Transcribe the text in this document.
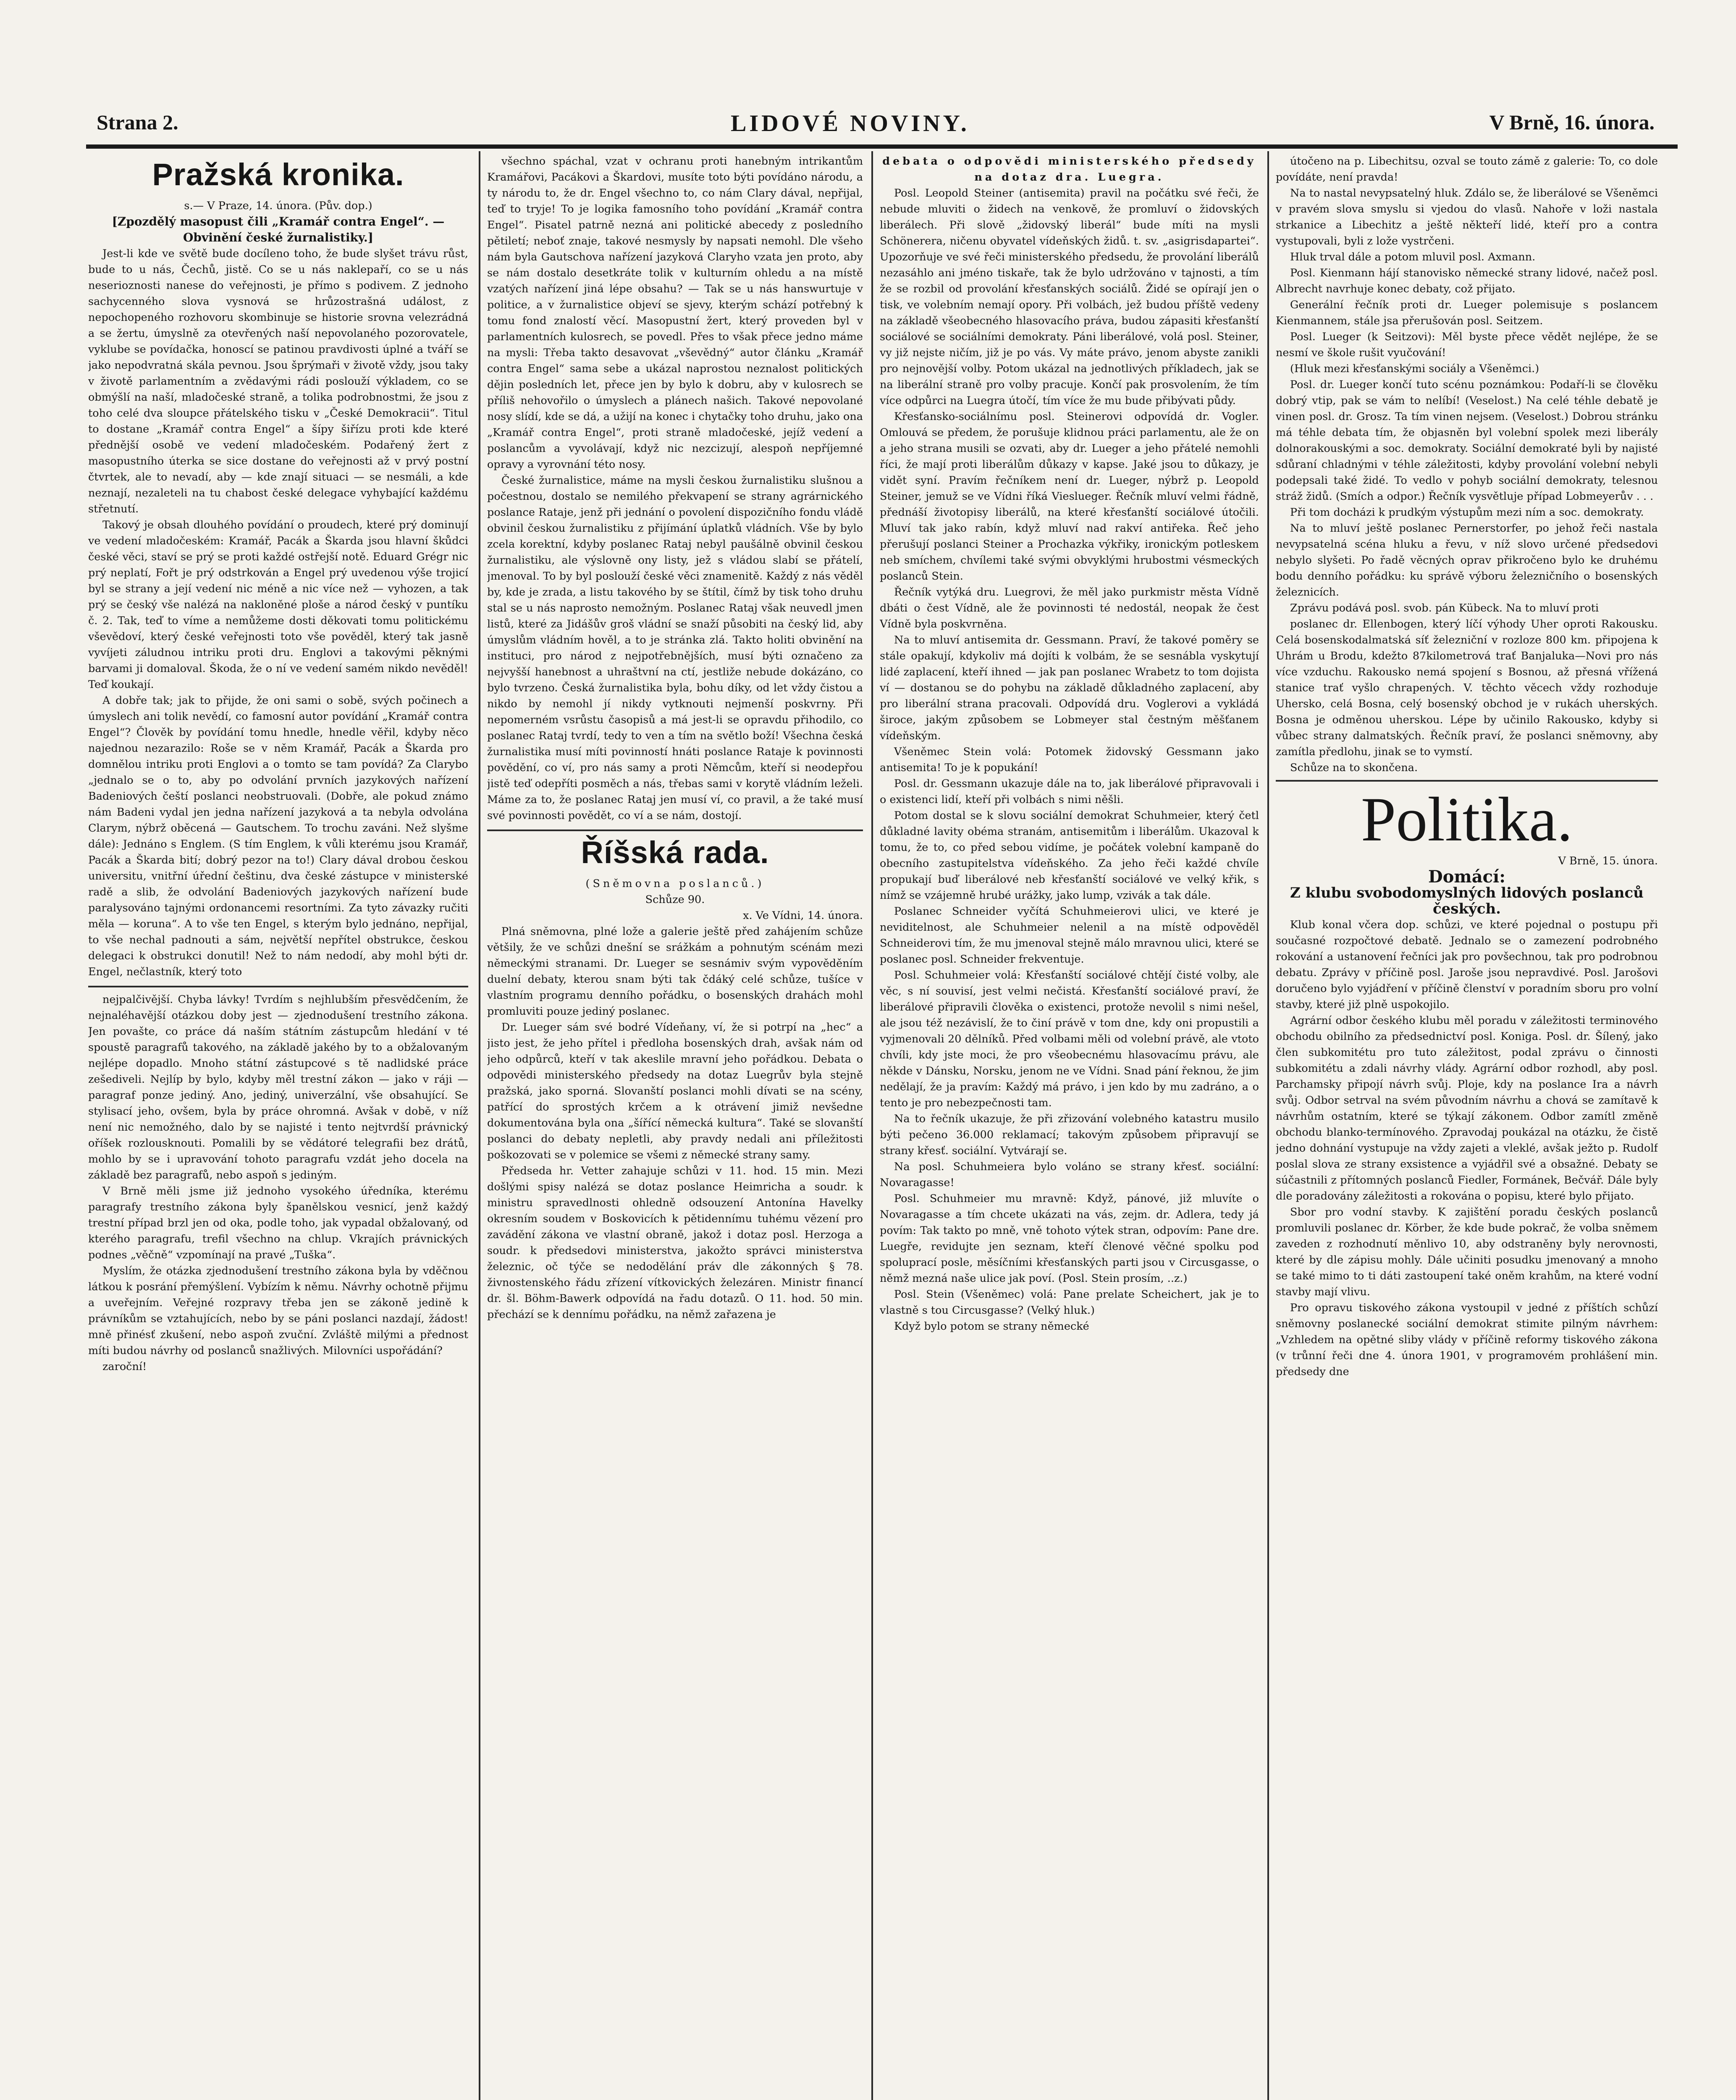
Strana 2.	LIDOVÉ NOVINY.	V Brně, 16. února.
Pražská kronika.

s.— V Praze, 14. února. (Pův. dop.)

[Zpozdělý masopust čili „Kramář contra Engel“. — Obvinění české žurnalistiky.]

Jest-li kde ve světě bude docíleno toho, že bude slyšet trávu růst, bude to u nás, Čechů, jistě. Co se u nás naklepaří, co se u nás neserioznosti nanese do veřejnosti, je přímo s podivem. Z jednoho sachycenného slova vysnová se hrůzostrašná událost, z nepochopeného rozhovoru skombinuje se historie srovna velezrádná a se žertu, úmyslně za otevřených naší nepovolaného pozorovatele, vyklube se povídačka, honoscí se patinou pravdivosti úplné a tváří se jako nepodvratná skála pevnou. Jsou šprýmaři v životě vždy, jsou taky v životě parlamentním a zvědavými rádi poslouží výkladem, co se obmýšlí na naší, mladočeské straně, a tolika podrobnostmi, že jsou z toho celé dva sloupce přátelského tisku v „České Demokracii“. Titul to dostane „Kramář contra Engel“ a šípy šiřízu proti kde které přednější osobě ve vedení mladočeském. Podařený žert z masopustního úterka se sice dostane do veřejnosti až v prvý postní čtvrtek, ale to nevadí, aby — kde znají situaci — se nesmáli, a kde neznají, nezaleteli na tu chabost české delegace vyhybající každému střetnutí.

Takový je obsah dlouhého povídání o proudech, které prý dominují ve vedení mladočeském: Kramář, Pacák a Škarda jsou hlavní škůdci české věci, staví se prý se proti každé ostřejší notě. Eduard Grégr nic prý neplatí, Fořt je prý odstrkován a Engel prý uvedenou výše trojicí byl se strany a její vedení nic méně a nic více než — vyhozen, a tak prý se český vše nalézá na nakloněné ploše a národ český v puntíku č. 2. Tak, teď to víme a nemůžeme dosti děkovati tomu politickému vševědoví, který české veřejnosti toto vše pověděl, který tak jasně vyvíjeti záludnou intriku proti dru. Englovi a takovými pěknými barvami ji domaloval. Škoda, že o ní ve vedení samém nikdo nevěděl! Teď koukají.

A dobře tak; jak to přijde, že oni sami o sobě, svých počinech a úmyslech ani tolik nevědí, co famosní autor povídání „Kramář contra Engel“? Člověk by povídání tomu hnedle, hnedle věřil, kdyby něco najednou nezarazilo: Roše se v něm Kramář, Pacák a Škarda pro domnělou intriku proti Englovi a o tomto se tam povídá? Za Clarybo „jednalo se o to, aby po odvolání prvních jazykových nařízení Badeniových čeští poslanci neobstruovali. (Dobře, ale pokud známo nám Badeni vydal jen jedna nařízení jazyková a ta nebyla odvolána Clarym, nýbrž oběcená — Gautschem. To trochu zaváni. Než slyšme dále): Jednáno s Englem. (S tím Englem, k vůli kterému jsou Kramář, Pacák a Škarda bití; dobrý pezor na to!) Clary dával drobou českou universitu, vnitřní úřední češtinu, dva české zástupce v ministerské radě a slib, že odvolání Badeniových jazykových nařízení bude paralysováno tajnými ordonancemi resortními. Za tyto závazky ručiti měla — koruna“. A to vše ten Engel, s kterým bylo jednáno, nepřijal, to vše nechal padnouti a sám, největší nepřítel obstrukce, českou delegaci k obstrukci donutil! Než to nám nedodí, aby mohl býti dr. Engel, nečlastník, který toto

nejpalčivější. Chyba lávky! Tvrdím s nejhlubším přesvědčením, že nejnaléhavější otázkou doby jest — zjednodušení trestního zákona. Jen povašte, co práce dá naším státním zástupcům hledání v té spoustě paragrafů takového, na základě jakého by to a obžalovaným nejlépe dopadlo. Mnoho státní zástupcové s tě nadlidské práce zešediveli. Nejlíp by bylo, kdyby měl trestní zákon — jako v ráji — paragraf ponze jediný. Ano, jediný, univerzální, vše obsahující. Se stylisací jeho, ovšem, byla by práce ohromná. Avšak v době, v níž není nic nemožného, dalo by se najisté i tento nejtvrdší právnický oříšek rozlousknouti. Pomalili by se vědátoré telegrafii bez drátů, mohlo by se i upravování tohoto paragrafu vzdát jeho docela na základě bez paragrafů, nebo aspoň s jediným.

V Brně měli jsme již jednoho vysokého úředníka, kterému paragrafy trestního zákona byly španělskou vesnicí, jenž každý trestní případ brzl jen od oka, podle toho, jak vypadal obžalovaný, od kterého paragrafu, trefil všechno na chlup. Vkrajích právnických podnes „věčně“ vzpomínají na pravé „Tuška“.

Myslím, že otázka zjednodušení trestního zákona byla by vděčnou látkou k posrání přemýšlení. Vybízím k němu. Návrhy ochotně přijmu a uveřejním. Veřejné rozpravy třeba jen se zákoně jedině k právníkům se vztahujících, nebo by se páni poslanci nazdají, žádost! mně přinésť zkušení, nebo aspoň zvuční. Zvláště milými a přednost míti budou návrhy od poslanců snažlivých. Milovníci uspořádání?

zaroční!

všechno spáchal, vzat v ochranu proti hanebným intrikantům Kramářovi, Pacákovi a Škardovi, musíte toto býti povídáno národu, a ty národu to, že dr. Engel všechno to, co nám Clary dával, nepřijal, teď to tryje! To je logika famosního toho povídání „Kramář contra Engel“. Pisatel patrně nezná ani politické abecedy z posledního pětiletí; neboť znaje, takové nesmysly by napsati nemohl. Dle všeho nám byla Gautschova nařízení jazyková Claryho vzata jen proto, aby se nám dostalo desetkráte tolik v kulturním ohledu a na místě vzatých nařízení jiná lépe obsahu? — Tak se u nás hanswurtuje v politice, a v žurnalistice objeví se sjevy, kterým schází potřebný k tomu fond znalostí věcí. Masopustní žert, který proveden byl v parlamentních kulosrech, se povedl. Přes to však přece jedno máme na mysli: Třeba takto desavovat „vševědný“ autor článku „Kramář contra Engel“ sama sebe a ukázal naprostou neznalost politických dějin posledních let, přece jen by bylo k dobru, aby v kulosrech se příliš nehovořilo o úmyslech a plánech našich. Takové nepovolané nosy slídí, kde se dá, a užijí na konec i chytačky toho druhu, jako ona „Kramář contra Engel“, proti straně mladočeské, jejíž vedení a poslancům a vyvolávají, když nic nezcizují, alespoň nepříjemné opravy a vyrovnání této nosy.

České žurnalistice, máme na mysli českou žurnalistiku slušnou a počestnou, dostalo se nemilého překvapení se strany agrárnického poslance Rataje, jenž při jednání o povolení dispozičního fondu vládě obvinil českou žurnalistiku z přijímání úplatků vládních. Vše by bylo zcela korektní, kdyby poslanec Rataj nebyl paušálně obvinil českou žurnalistiku, ale výslovně ony listy, jež s vládou slabí se přátelí, jmenoval. To by byl poslouží české věci znamenitě. Každý z nás věděl by, kde je zrada, a listu takového by se štítil, čímž by tisk toho druhu stal se u nás naprosto nemožným. Poslanec Rataj však neuvedl jmen listů, které za Jidášův groš vládní se snaží působiti na český lid, aby úmyslům vládním hověl, a to je stránka zlá. Takto holiti obvinění na instituci, pro národ z nejpotřebnějších, musí býti označeno za nejvyšší hanebnost a uhraštvní na ctí, jestliže nebude dokázáno, co bylo tvrzeno. Česká žurnalistika byla, bohu díky, od let vždy čistou a nikdo by nemohl jí nikdy vytknouti nejmenší poskvrny. Při nepomerném vsrůstu časopisů a má jest-li se opravdu přihodilo, co poslanec Rataj tvrdí, tedy to ven a tím na světlo boží! Všechna česká žurnalistika musí míti povinností hnáti poslance Rataje k povinnosti povědění, co ví, pro nás samy a proti Němcům, kteří si neodepřou jistě teď odepříti posměch a nás, třebas sami v korytě vládním leželi. Máme za to, že poslanec Rataj jen musí ví, co pravil, a že také musí své povinnosti povědět, co ví a se nám, dostojí.

Říšská rada.

(Sněmovna poslanců.)

Schůze 90.

x. Ve Vídni, 14. února.

Plná sněmovna, plné lože a galerie ještě před zahájením schůze většily, že ve schůzi dnešní se srážkám a pohnutým scénám mezi německými stranami. Dr. Lueger se sesnámiv svým vypověděním duelní debaty, kterou snam býti tak čdáký celé schůze, tušíce v vlastním programu denního pořádku, o bosenských drahách mohl promluviti pouze jediný poslanec.

Dr. Lueger sám své bodré Vídeňany, ví, že si potrpí na „hec“ a jisto jest, že jeho přítel i předloha bosenských drah, avšak nám od jeho odpůrců, kteří v tak akeslile mravní jeho pořádkou. Debata o odpovědi ministerského předsedy na dotaz Luegrův byla stejně pražská, jako sporná. Slovanští poslanci mohli dívati se na scény, patřící do sprostých krčem a k otrávení jimiž nevšedne dokumentována byla ona „šířící německá kultura“. Také se slovanští poslanci do debaty nepletli, aby pravdy nedali ani příležitosti poškozovati se v polemice se všemi z německé strany samy.

Předseda hr. Vetter zahajuje schůzi v 11. hod. 15 min. Mezi došlými spisy nalézá se dotaz poslance Heimricha a soudr. k ministru spravedlnosti ohledně odsouzení Antonína Havelky okresním soudem v Boskovicích k pětidennímu tuhému vězení pro zavádění zákona ve vlastní obraně, jakož i dotaz posl. Herzoga a soudr. k předsedovi ministerstva, jakožto správci ministerstva železnic, oč týče se nedodělání práv dle zákonných § 78. živnostenského řádu zřízení vítkovických železáren. Ministr financí dr. šl. Böhm-Bawerk odpovídá na řadu dotazů. O 11. hod. 50 min. přechází se k dennímu pořádku, na němž zařazena je

debata o odpovědi ministerského předsedy na dotaz dra. Luegra.

Posl. Leopold Steiner (antisemita) pravil na počátku své řeči, že nebude mluviti o židech na venkově, že promluví o židovských liberálech. Při slově „židovský liberál“ bude míti na mysli Schönerera, ničenu obyvatel vídeňských židů. t. sv. „asigrisdapartei“. Upozorňuje ve své řeči ministerského předsedu, že provolání liberálů nezasáhlo ani jméno tiskaře, tak že bylo udržováno v tajnosti, a tím že se rozbil od provolání křesťanských sociálů. Židé se opírají jen o tisk, ve volebním nemají opory. Při volbách, jež budou příště vedeny na základě všeobecného hlasovacího práva, budou zápasiti křesťanští sociálové se sociálními demokraty. Páni liberálové, volá posl. Steiner, vy již nejste ničím, již je po vás. Vy máte právo, jenom abyste zanikli pro nejnovější volby. Potom ukázal na jednotlivých příkladech, jak se na liberální straně pro volby pracuje. Končí pak prosvolením, že tím více odpůrci na Luegra útočí, tím více že mu bude přibývati půdy.

Křesťansko-sociálnímu posl. Steinerovi odpovídá dr. Vogler. Omlouvá se předem, že porušuje klidnou práci parlamentu, ale že on a jeho strana musili se ozvati, aby dr. Lueger a jeho přátelé nemohli říci, že mají proti liberálům důkazy v kapse. Jaké jsou to důkazy, je vidět syní. Pravím řečníkem není dr. Lueger, nýbrž p. Leopold Steiner, jemuž se ve Vídni říká Vieslueger. Řečník mluví velmi řádně, přednáší životopisy liberálů, na které křesťanští sociálové útočili. Mluví tak jako rabín, když mluví nad rakví antiřeka. Řeč jeho přerušují poslanci Steiner a Prochazka výkřiky, ironickým potleskem neb smíchem, chvílemi také svými obvyklými hrubostmi vésmeckých poslanců Stein.

Řečník vytýká dru. Luegrovi, že měl jako purkmistr města Vídně dbáti o čest Vídně, ale že povinnosti té nedostál, neopak že čest Vídně byla poskvrněna.

Na to mluví antisemita dr. Gessmann. Praví, že takové poměry se stále opakují, kdykoliv má dojíti k volbám, že se sesnábla vyskytují lidé zaplacení, kteří ihned — jak pan poslanec Wrabetz to tom dojista ví — dostanou se do pohybu na základě důkladného zaplacení, aby pro liberální strana pracovali. Odpovídá dru. Voglerovi a vykládá široce, jakým způsobem se Lobmeyer stal čestným měšťanem vídeňským.

Všeněmec Stein volá: Potomek židovský Gessmann jako antisemita! To je k popukání!

Posl. dr. Gessmann ukazuje dále na to, jak liberálové připravovali i o existenci lidí, kteří při volbách s nimi něšli.

Potom dostal se k slovu sociální demokrat Schuhmeier, který četl důkladné lavity obéma stranám, antisemitům i liberálům. Ukazoval k tomu, že to, co před sebou vidíme, je počátek volební kampaně do obecního zastupitelstva vídeňského. Za jeho řeči každé chvíle propukají buď liberálové neb křesťanští sociálové ve velký křik, s nímž se vzájemně hrubé urážky, jako lump, vzivák a tak dále.

Poslanec Schneider vyčítá Schuhmeierovi ulici, ve které je neviditelnost, ale Schuhmeier nelenil a na místě odpověděl Schneiderovi tím, že mu jmenoval stejně málo mravnou ulici, které se poslanec posl. Schneider frekventuje.

Posl. Schuhmeier volá: Křesťanští sociálové chtějí čisté volby, ale věc, s ní souvisí, jest velmi nečistá. Křesťanští sociálové praví, že liberálové připravili člověka o existenci, protože nevolil s nimi nešel, ale jsou též nezávislí, že to činí právě v tom dne, kdy oni propustili a vyjmenovali 20 dělníků. Před volbami měli od volební právě, ale vtoto chvíli, kdy jste moci, že pro všeobecnému hlasovacímu právu, ale někde v Dánsku, Norsku, jenom ne ve Vídni. Snad pání řeknou, že jim nedělají, že ja pravím: Každý má právo, i jen kdo by mu zadráno, a o tento je pro nebezpečnosti tam.

Na to řečník ukazuje, že při zřizování volebného katastru musilo býti pečeno 36.000 reklamací; takovým způsobem připravují se strany křesť. sociální. Vytvárají se.

Na posl. Schuhmeiera bylo voláno se strany křesť. sociální: Novaragasse!

Posl. Schuhmeier mu mravně: Když, pánové, již mluvíte o Novaragasse a tím chcete ukázati na vás, zejm. dr. Adlera, tedy já povím: Tak takto po mně, vně tohoto výtek stran, odpovím: Pane dre. Luegře, revidujte jen seznam, kteří členové věčné spolku pod spoluprací posle, měsíčními křesťanských parti jsou v Circusgasse, o němž mezná naše ulice jak poví. (Posl. Stein prosím, ..z.)

Posl. Stein (Všeněmec) volá: Pane prelate Scheichert, jak je to vlastně s tou Circusgasse? (Velký hluk.)

Když bylo potom se strany německé

útočeno na p. Libechitsu, ozval se touto zámě z galerie: To, co dole povídáte, není pravda!

Na to nastal nevypsatelný hluk. Zdálo se, že liberálové se Všeněmci v pravém slova smyslu si vjedou do vlasů. Nahoře v loži nastala strkanice a Libechitz a ještě někteří lidé, kteří pro a contra vystupovali, byli z lože vystrčeni.

Hluk trval dále a potom mluvil posl. Axmann.

Posl. Kienmann hájí stanovisko německé strany lidové, načež posl. Albrecht navrhuje konec debaty, což přijato.

Generální řečník proti dr. Lueger polemisuje s poslancem Kienmannem, stále jsa přerušován posl. Seitzem.

Posl. Lueger (k Seitzovi): Měl byste přece vědět nejlépe, že se nesmí ve škole rušit vyučování!

(Hluk mezi křesťanskými sociály a Všeněmci.)

Posl. dr. Lueger končí tuto scénu poznámkou: Podaří-li se člověku dobrý vtip, pak se vám to nelíbí! (Veselost.) Na celé téhle debatě je vinen posl. dr. Grosz. Ta tím vinen nejsem. (Veselost.) Dobrou stránku má téhle debata tím, že objasněn byl volební spolek mezi liberály dolnorakouskými a soc. demokraty. Sociální demokraté byli by najisté sdůraní chladnými v téhle záležitosti, kdyby provolání volební nebyli podepsali také židé. To vedlo v pohyb sociální demokraty, telesnou stráž židů. (Smích a odpor.) Řečník vysvětluje případ Lobmeyerův . . .

Při tom docházi k prudkým výstupům mezi ním a soc. demokraty.

Na to mluví ještě poslanec Pernerstorfer, po jehož řeči nastala nevypsatelná scéna hluku a řevu, v níž slovo určené předsedovi nebylo slyšeti. Po řadě věcných oprav přikročeno bylo ke druhému bodu denního pořádku: ku správě výboru železničního o bosenských železnicích.

Zprávu podává posl. svob. pán Kübeck. Na to mluví proti

poslanec dr. Ellenbogen, který líčí výhody Uher oproti Rakousku. Celá bosenskodalmatská síť železniční v rozloze 800 km. připojena k Uhrám u Brodu, kdežto 87kilometrová trať Banjaluka—Novi pro nás více vzduchu. Rakousko nemá spojení s Bosnou, až přesná vřížená stanice trať vyšlo chrapených. V. těchto věcech vždy rozhoduje Uhersko, celá Bosna, celý bosenský obchod je v rukách uherských. Bosna je odměnou uherskou. Lépe by učinilo Rakousko, kdyby si vůbec strany dalmatských. Řečník praví, že poslanci sněmovny, aby zamítla předlohu, jinak se to vymstí.

Schůze na to skončena.

Politika.

V Brně, 15. února.

Domácí:

Z klubu svobodomyslných lidových poslanců českých.

Klub konal včera dop. schůzi, ve které pojednal o postupu při současné rozpočtové debatě. Jednalo se o zamezení podrobného rokování a ustanovení řečníci jak pro povšechnou, tak pro podrobnou debatu. Zprávy v příčině posl. Jaroše jsou nepravdivé. Posl. Jarošovi doručeno bylo vyjádření v příčině členství v poradním sboru pro volní stavby, které již plně uspokojilo.

Agrární odbor českého klubu měl poradu v záležitosti terminového obchodu obilního za předsednictví posl. Koniga. Posl. dr. Šílený, jako člen subkomitétu pro tuto záležitost, podal zprávu o činnosti subkomitétu a zdali návrhy vlády. Agrární odbor rozhodl, aby posl. Parchamsky připojí návrh svůj. Ploje, kdy na poslance Ira a návrh svůj. Odbor setrval na svém původním návrhu a chová se zamítavě k návrhům ostatním, které se týkají zákonem. Odbor zamítl změně obchodu blanko-termínového. Zpravodaj poukázal na otázku, že čistě jedno dohnání vystupuje na vždy zajeti a vleklé, avšak ježto p. Rudolf poslal slova ze strany exsistence a vyjádřil své a obsažné. Debaty se súčastnili z přítomných poslanců Fiedler, Formánek, Bečvář. Dále byly dle poradovány záležitosti a rokována o popisu, které bylo přijato.

Sbor pro vodní stavby. K zajištění poradu českých poslanců promluvili poslanec dr. Körber, že kde bude pokrač, že volba sněmem zaveden z rozhodnutí měnlivo 10, aby odstraněny byly nerovnosti, které by dle zápisu mohly. Dále učiniti posudku jmenovaný a mnoho se také mimo to ti dáti zastoupení také oněm krahům, na které vodní stavby mají vlivu.

Pro opravu tiskového zákona vystoupil v jedné z příštích schůzí sněmovny poslanecké sociální demokrat stimite pilným návrhem: „Vzhledem na opětné sliby vlády v příčině reformy tiskového zákona (v trůnní řeči dne 4. února 1901, v programovém prohlášení min. předsedy dne
